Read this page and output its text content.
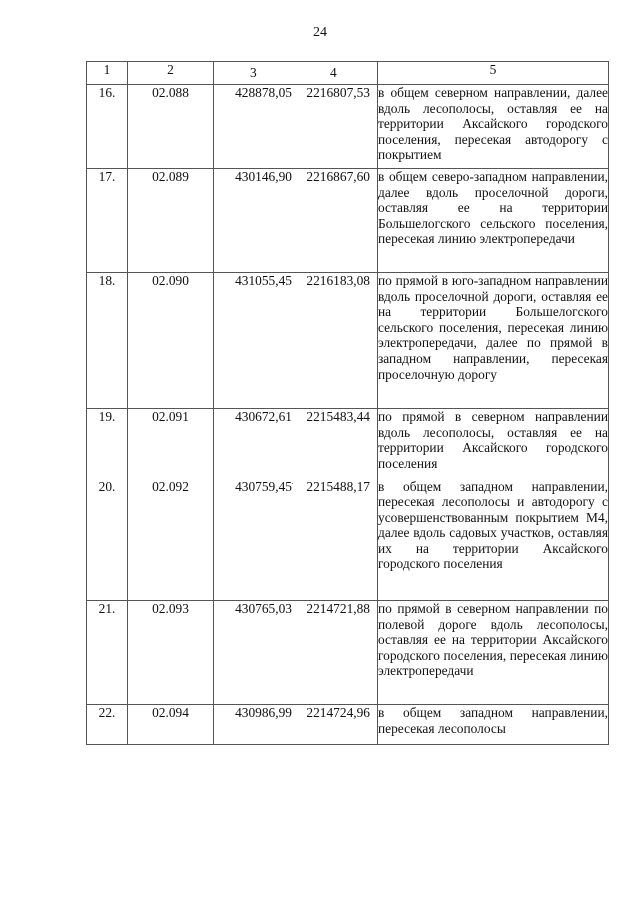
24
1	2	3 4	5
16.	02.088	428878,05 2216807,53	в общем северном направлении, далее вдоль лесополосы, оставляя ее на территории Аксайского городского поселения, пересекая автодорогу с покрытием

17.	02.089	430146,90 2216867,60	в общем северо-западном направлении, далее вдоль проселочной дороги, оставляя ее на территории Большелогского сельского поселения, пересекая линию электропередачи

18.	02.090	431055,45 2216183,08	по прямой в юго-западном направлении вдоль проселочной дороги, оставляя ее на территории Большелогского сельского поселения, пересекая линию электропередачи, далее по прямой в западном направлении, пересекая проселочную дорогу

19.	02.091	430672,61 2215483,44	по прямой в северном направлении вдоль лесополосы, оставляя ее на территории Аксайского городского поселения

20.	02.092	430759,45 2215488,17	в общем западном направлении, пересекая лесополосы и автодорогу с усовершенствованным покрытием М4, далее вдоль садовых участков, оставляя их на территории Аксайского городского поселения

21.	02.093	430765,03 2214721,88	по прямой в северном направлении по полевой дороге вдоль лесополосы, оставляя ее на территории Аксайского городского поселения, пересекая линию электропередачи

22.	02.094	430986,99 2214724,96	в общем западном направлении, пересекая лесополосы
